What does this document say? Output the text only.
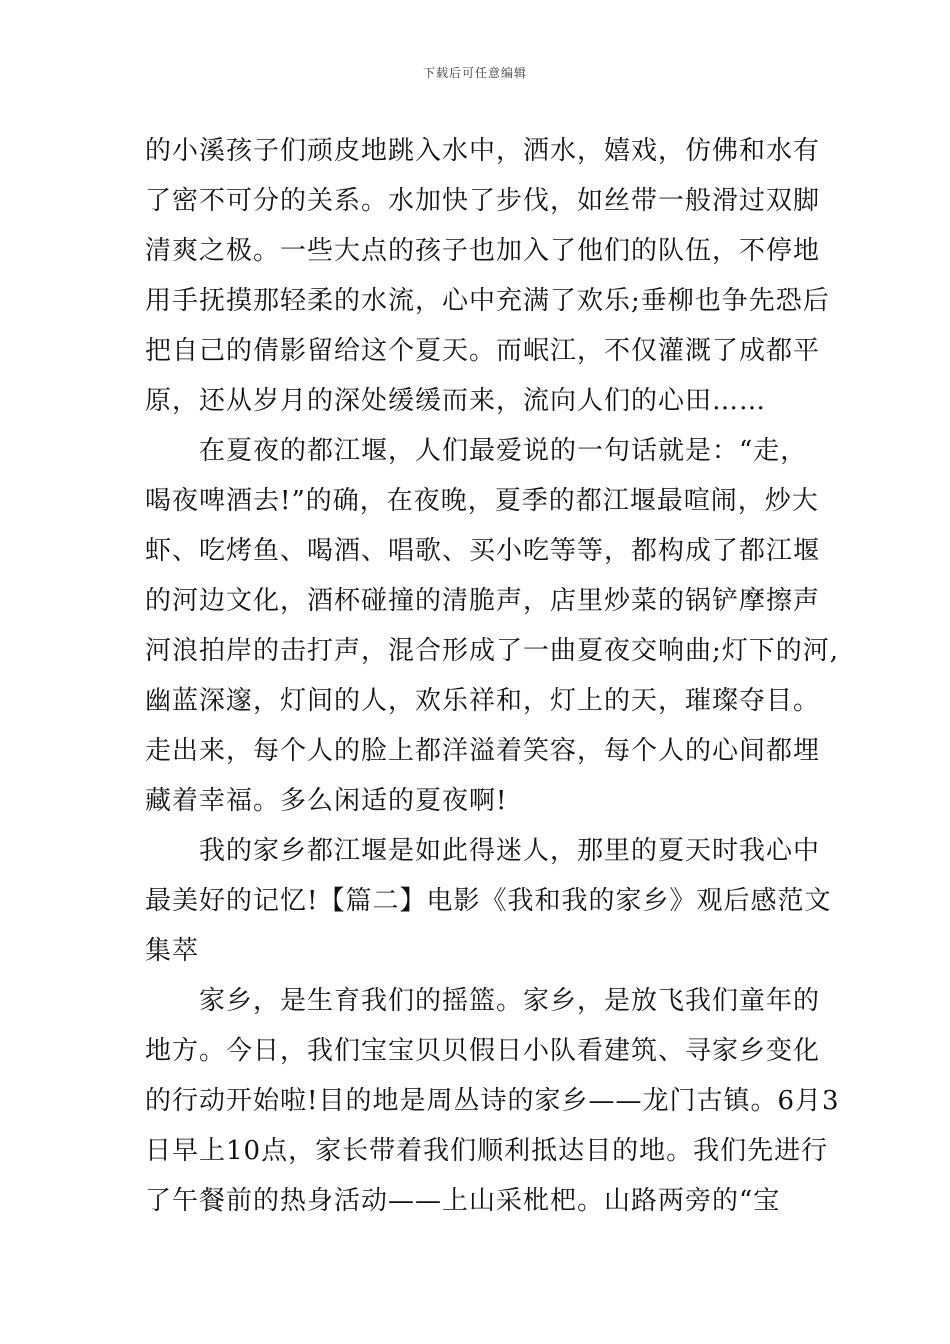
下载后可任意编辑
的小溪孩子们顽皮地跳入水中，洒水，嬉戏，仿佛和水有
了密不可分的关系。水加快了步伐，如丝带一般滑过双脚
清爽之极。一些大点的孩子也加入了他们的队伍，不停地
用手抚摸那轻柔的水流，心中充满了欢乐;垂柳也争先恐后
把自己的倩影留给这个夏天。而岷江，不仅灌溉了成都平
原，还从岁月的深处缓缓而来，流向人们的心田……
在夏夜的都江堰，人们最爱说的一句话就是：“走，
喝夜啤酒去!”的确，在夜晚，夏季的都江堰最喧闹，炒大
虾、吃烤鱼、喝酒、唱歌、买小吃等等，都构成了都江堰
的河边文化，酒杯碰撞的清脆声，店里炒菜的锅铲摩擦声
河浪拍岸的击打声，混合形成了一曲夏夜交响曲;灯下的河,
幽蓝深邃，灯间的人，欢乐祥和，灯上的天，璀璨夺目。
走出来，每个人的脸上都洋溢着笑容，每个人的心间都埋
藏着幸福。多么闲适的夏夜啊!
我的家乡都江堰是如此得迷人，那里的夏天时我心中
最美好的记忆!【篇二】电影《我和我的家乡》观后感范文
集萃
家乡，是生育我们的摇篮。家乡，是放飞我们童年的
地方。今日，我们宝宝贝贝假日小队看建筑、寻家乡变化
的行动开始啦!目的地是周丛诗的家乡——龙门古镇。6月3
日早上10点，家长带着我们顺利抵达目的地。我们先进行
了午餐前的热身活动——上山采枇杷。山路两旁的“宝
